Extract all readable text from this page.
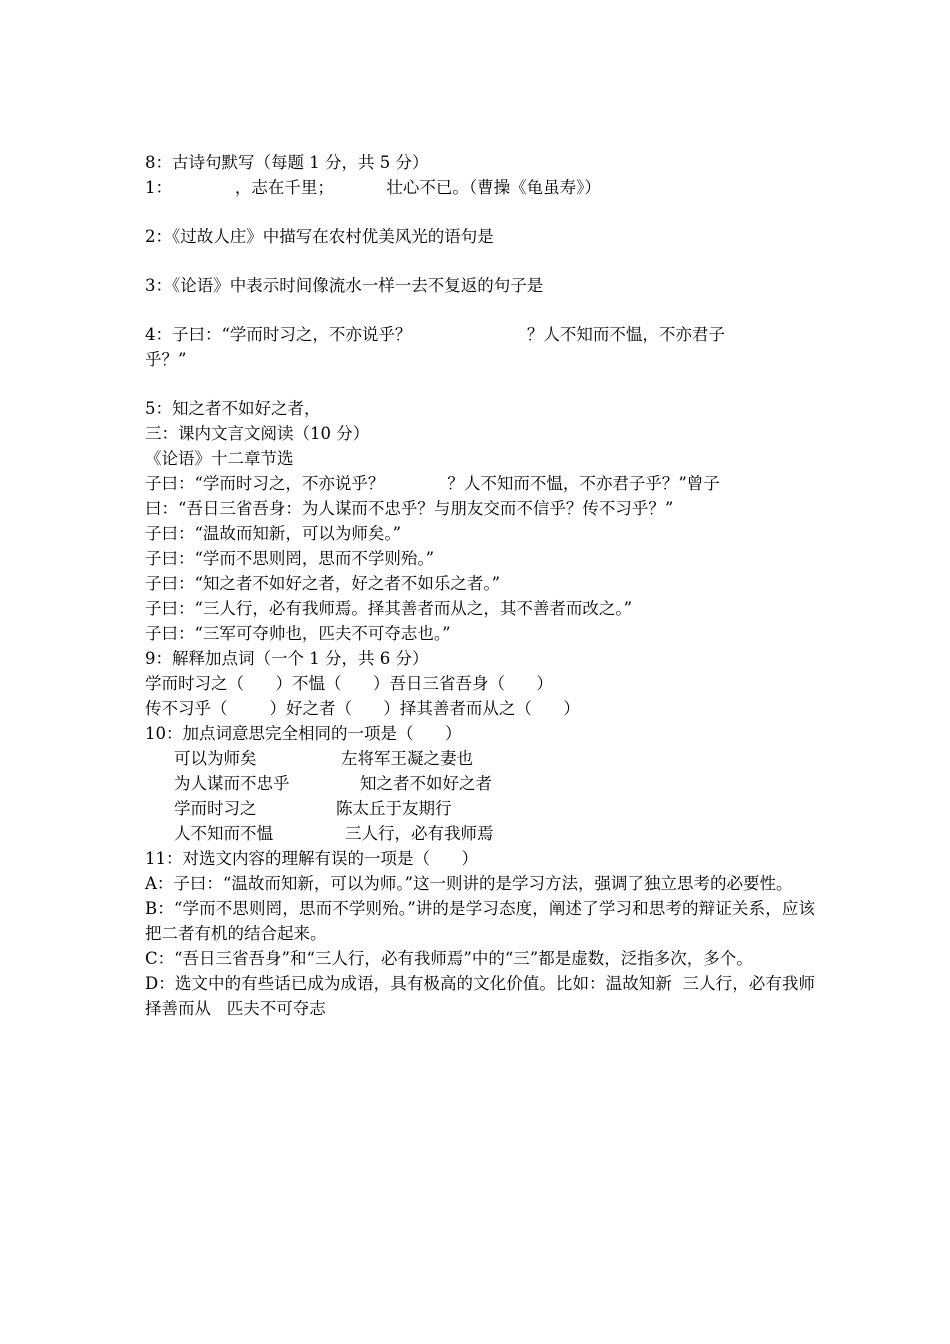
8：古诗句默写（每题 1 分，共 5 分）
1：            ，志在千里；          壮心不已。（曹操《龟虽寿》）
2：《过故人庄》中描写在农村优美风光的语句是
3：《论语》中表示时间像流水一样一去不复返的句子是
4：子曰：“学而时习之，不亦说乎？                      ？人不知而不愠，不亦君子
乎？”
5：知之者不如好之者，
三：课内文言文阅读（10 分）
《论语》十二章节选
子曰：“学而时习之，不亦说乎？            ？人不知而不愠，不亦君子乎？”曾子
曰：“吾日三省吾身：为人谋而不忠乎？与朋友交而不信乎？传不习乎？”
子曰：“温故而知新，可以为师矣。”
子曰：“学而不思则罔，思而不学则殆。”
子曰：“知之者不如好之者，好之者不如乐之者。”
子曰：“三人行，必有我师焉。择其善者而从之，其不善者而改之。”
子曰：“三军可夺帅也，匹夫不可夺志也。”
9：解释加点词（一个 1 分，共 6 分）
学而时习之（      ）不愠（      ）吾日三省吾身（      ）
传不习乎（        ）好之者（      ）择其善者而从之（      ）
10：加点词意思完全相同的一项是（      ）
可以为师矣	左将军王凝之妻也
为人谋而不忠乎	知之者不如好之者
学而时习之	陈太丘于友期行
人不知而不愠	三人行，必有我师焉
11：对选文内容的理解有误的一项是（      ）
A：子曰：“温故而知新，可以为师。”这一则讲的是学习方法，强调了独立思考的必要性。
B：“学而不思则罔，思而不学则殆。”讲的是学习态度，阐述了学习和思考的辩证关系，应该把二者有机的结合起来。
C：“吾日三省吾身”和“三人行，必有我师焉”中的“三”都是虚数，泛指多次，多个。
D：选文中的有些话已成为成语，具有极高的文化价值。比如：温故知新  三人行，必有我师    择善而从   匹夫不可夺志
